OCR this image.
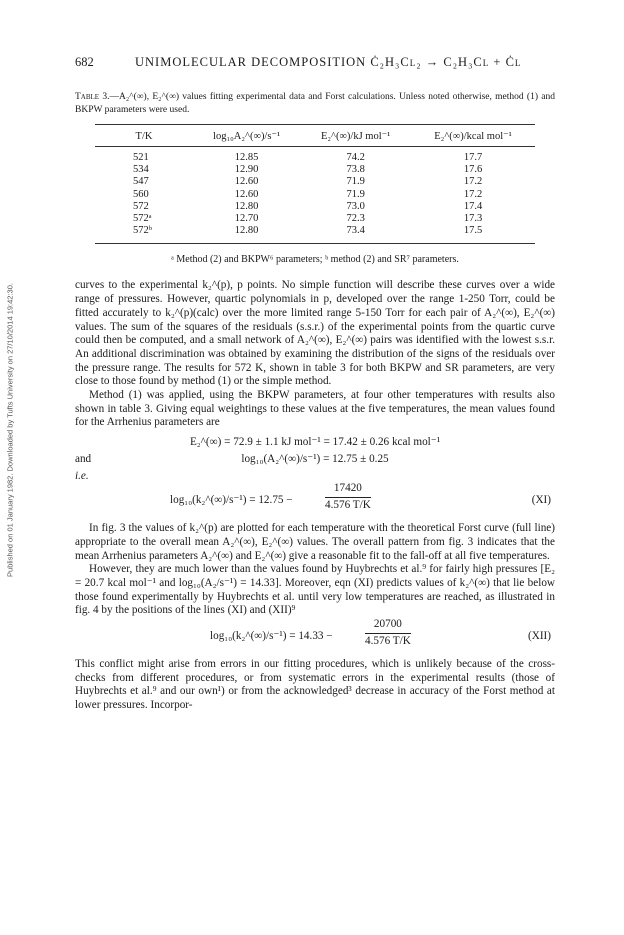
Published on 01 January 1982. Downloaded by Tufts University on 27/10/2014 19:42:30.
682	UNIMOLECULAR DECOMPOSITION Ċ₂H₃Cl₂ → C₂H₃Cl + Ċl
Table 3.—A₂^(∞), E₂^(∞) values fitting experimental data and Forst calculations. Unless noted otherwise, method (1) and BKPW parameters were used.
T/K	log₁₀A₂^(∞)/s⁻¹	E₂^(∞)/kJ mol⁻¹	E₂^(∞)/kcal mol⁻¹
521	12.85	74.2	17.7
534	12.90	73.8	17.6
547	12.60	71.9	17.2
560	12.60	71.9	17.2
572	12.80	73.0	17.4
572ᵃ	12.70	72.3	17.3
572ᵇ	12.80	73.4	17.5
ᵃ Method (2) and BKPW⁶ parameters; ᵇ method (2) and SR⁷ parameters.

curves to the experimental k₂^(p), p points. No simple function will describe these curves over a wide range of pressures. However, quartic polynomials in p, developed over the range 1-250 Torr, could be fitted accurately to k₂^(p)(calc) over the more limited range 5-150 Torr for each pair of A₂^(∞), E₂^(∞) values. The sum of the squares of the residuals (s.s.r.) of the experimental points from the quartic curve could then be computed, and a small network of A₂^(∞), E₂^(∞) pairs was identified with the lowest s.s.r. An additional discrimination was obtained by examining the distribution of the signs of the residuals over the pressure range. The results for 572 K, shown in table 3 for both BKPW and SR parameters, are very close to those found by method (1) or the simple method.

Method (1) was applied, using the BKPW parameters, at four other temperatures with results also shown in table 3. Giving equal weightings to these values at the five temperatures, the mean values found for the Arrhenius parameters are

E₂^(∞) = 72.9 ± 1.1 kJ mol⁻¹ = 17.42 ± 0.26 kcal mol⁻¹
and	log₁₀(A₂^(∞)/s⁻¹) = 12.75 ± 0.25
i.e.
log₁₀(k₂^(∞)/s⁻¹) = 12.75 −	$\frac{17420}{4.576 T/K}$	(XI)

In fig. 3 the values of k₂^(p) are plotted for each temperature with the theoretical Forst curve (full line) appropriate to the overall mean A₂^(∞), E₂^(∞) values. The overall pattern from fig. 3 indicates that the mean Arrhenius parameters A₂^(∞) and E₂^(∞) give a reasonable fit to the fall-off at all five temperatures.

However, they are much lower than the values found by Huybrechts et al.⁹ for fairly high pressures [E₂ = 20.7 kcal mol⁻¹ and log₁₀(A₂/s⁻¹) = 14.33]. Moreover, eqn (XI) predicts values of k₂^(∞) that lie below those found experimentally by Huybrechts et al. until very low temperatures are reached, as illustrated in fig. 4 by the positions of the lines (XI) and (XII)⁹

log₁₀(k₂^(∞)/s⁻¹) = 14.33 −	$\frac{20700}{4.576 T/K}$	(XII)

This conflict might arise from errors in our fitting procedures, which is unlikely because of the cross-checks from different procedures, or from systematic errors in the experimental results (those of Huybrechts et al.⁹ and our own¹) or from the acknowledged³ decrease in accuracy of the Forst method at lower pressures. Incorpor-
